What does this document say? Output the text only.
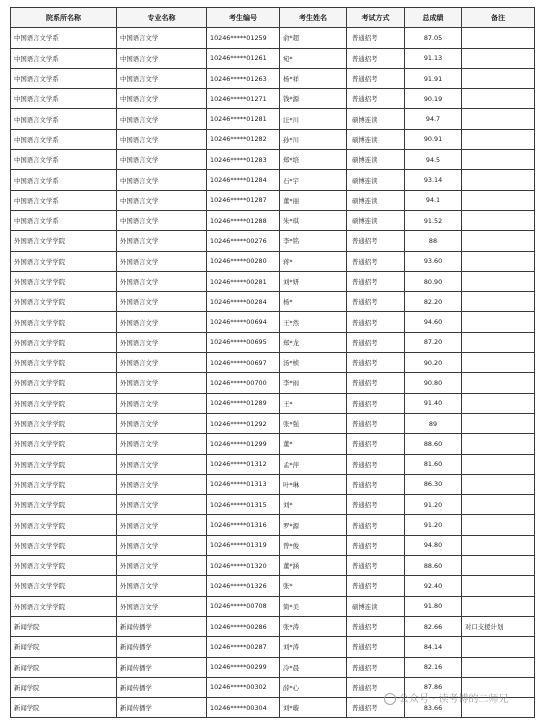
院系所名称	专业名称	考生编号	考生姓名	考试方式	总成绩	备注
中国语言文学系	中国语言文学	10246*****01259	俞*超	普通招考	87.05	
中国语言文学系	中国语言文学	10246*****01261	宛*	普通招考	91.13	
中国语言文学系	中国语言文学	10246*****01263	杨*祥	普通招考	91.91	
中国语言文学系	中国语言文学	10246*****01271	钱*源	普通招考	90.19	
中国语言文学系	中国语言文学	10246*****01281	汪*川	硕博连读	94.7	
中国语言文学系	中国语言文学	10246*****01282	孙*川	硕博连读	90.91	
中国语言文学系	中国语言文学	10246*****01283	郑*培	硕博连读	94.5	
中国语言文学系	中国语言文学	10246*****01284	石*宇	硕博连读	93.14	
中国语言文学系	中国语言文学	10246*****01287	董*丽	硕博连读	94.1	
中国语言文学系	中国语言文学	10246*****01288	朱*琪	硕博连读	91.52	
外国语言文学学院	外国语言文学	10246*****00276	李*铭	普通招考	88	
外国语言文学学院	外国语言文学	10246*****00280	蒋*	普通招考	93.60	
外国语言文学学院	外国语言文学	10246*****00281	刘*妍	普通招考	80.90	
外国语言文学学院	外国语言文学	10246*****00284	杨*	普通招考	82.20	
外国语言文学学院	外国语言文学	10246*****00694	王*然	普通招考	94.60	
外国语言文学学院	外国语言文学	10246*****00695	郑*龙	普通招考	87.20	
外国语言文学学院	外国语言文学	10246*****00697	汤*桢	普通招考	90.20	
外国语言文学学院	外国语言文学	10246*****00700	李*雨	普通招考	90.80	
外国语言文学学院	外国语言文学	10246*****01289	王*	普通招考	91.40	
外国语言文学学院	外国语言文学	10246*****01292	张*强	普通招考	89	
外国语言文学学院	外国语言文学	10246*****01299	董*	普通招考	88.60	
外国语言文学学院	外国语言文学	10246*****01312	孟*萍	普通招考	81.60	
外国语言文学学院	外国语言文学	10246*****01313	叶*琳	普通招考	86.30	
外国语言文学学院	外国语言文学	10246*****01315	刘*	普通招考	91.20	
外国语言文学学院	外国语言文学	10246*****01316	罗*源	普通招考	91.20	
外国语言文学学院	外国语言文学	10246*****01319	曾*俊	普通招考	94.80	
外国语言文学学院	外国语言文学	10246*****01320	董*涵	普通招考	88.60	
外国语言文学学院	外国语言文学	10246*****01326	张*	普通招考	92.40	
外国语言文学学院	外国语言文学	10246*****00708	简*美	硕博连读	91.80	
新闻学院	新闻传播学	10246*****00286	张*涛	普通招考	82.66	对口支援计划
新闻学院	新闻传播学	10246*****00287	刘*涛	普通招考	84.14	
新闻学院	新闻传播学	10246*****00299	冷*晨	普通招考	82.16	
新闻学院	新闻传播学	10246*****00302	薛*心	普通招考	87.86	
新闻学院	新闻传播学	10246*****00304	刘*璇	普通招考	83.66	
公众号 · 读考博的二师兄
